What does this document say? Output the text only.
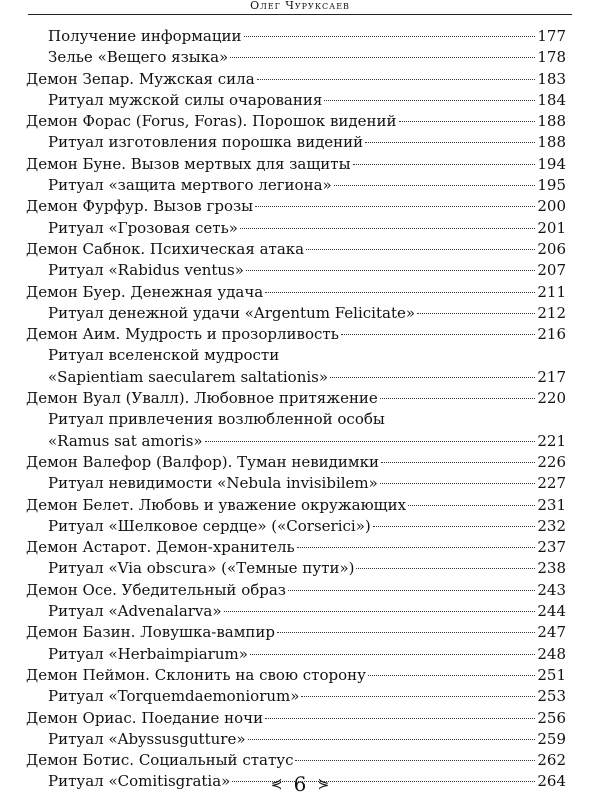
Олег Чуруксаев
Получение информации	177
Зелье «Вещего языка»	178
Демон Зепар. Мужская сила	183
Ритуал мужской силы очарования	184
Демон Форас (Forus, Foras). Порошок видений	188
Ритуал изготовления порошка видений	188
Демон Буне. Вызов мертвых для защиты	194
Ритуал «защита мертвого легиона»	195
Демон Фурфур. Вызов грозы	200
Ритуал «Грозовая сеть»	201
Демон Сабнок. Психическая атака	206
Ритуал «Rabidus ventus»	207
Демон Буер. Денежная удача	211
Ритуал денежной удачи «Argentum Felicitate»	212
Демон Аим. Мудрость и прозорливость	216
Ритуал вселенской мудрости
«Sapientiam saecularem saltationis»	217
Демон Вуал (Увалл). Любовное притяжение	220
Ритуал привлечения возлюбленной особы
«Ramus sat amoris»	221
Демон Валефор (Валфор). Туман невидимки	226
Ритуал невидимости «Nebula invisibilem»	227
Демон Белет. Любовь и уважение окружающих	231
Ритуал «Шелковое сердце» («Corserici»)	232
Демон Астарот. Демон-хранитель	237
Ритуал «Via obscura» («Темные пути»)	238
Демон Осе. Убедительный образ	243
Ритуал «Advenalarva»	244
Демон Базин. Ловушка-вампир	247
Ритуал «Herbaimpiarum»	248
Демон Пеймон. Склонить на свою сторону	251
Ритуал «Torquemdaemoniorum»	253
Демон Ориас. Поедание ночи	256
Ритуал «Abyssusgutture»	259
Демон Ботис. Социальный статус	262
Ритуал «Comitisgratia»	264
⋞ 6 ⋟
